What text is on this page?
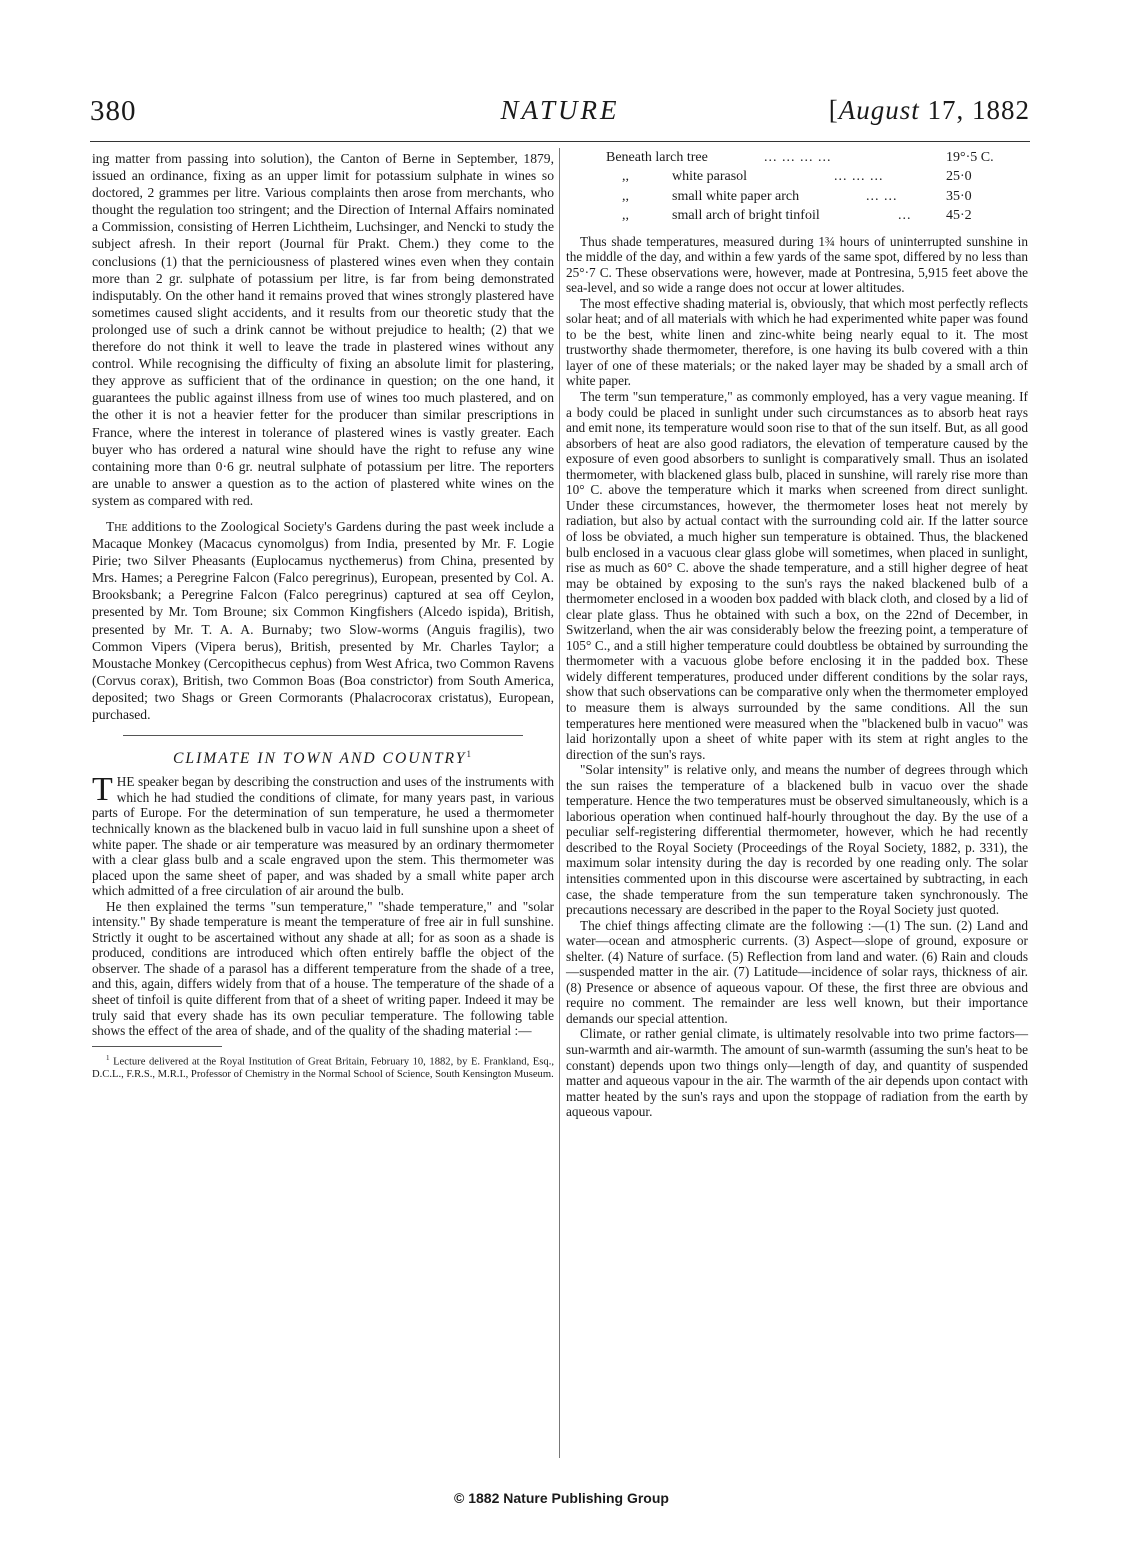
380	NATURE	[August 17, 1882

ing matter from passing into solution), the Canton of Berne in September, 1879, issued an ordinance, fixing as an upper limit for potassium sulphate in wines so doctored, 2 grammes per litre. Various complaints then arose from merchants, who thought the regulation too stringent; and the Direction of Internal Affairs nominated a Commission, consisting of Herren Lichtheim, Luchsinger, and Nencki to study the subject afresh. In their report (Journal für Prakt. Chem.) they come to the conclusions (1) that the perniciousness of plastered wines even when they contain more than 2 gr. sulphate of potassium per litre, is far from being demonstrated indisputably. On the other hand it remains proved that wines strongly plastered have sometimes caused slight accidents, and it results from our theoretic study that the prolonged use of such a drink cannot be without prejudice to health; (2) that we therefore do not think it well to leave the trade in plastered wines without any control. While recognising the difficulty of fixing an absolute limit for plastering, they approve as sufficient that of the ordinance in question; on the one hand, it guarantees the public against illness from use of wines too much plastered, and on the other it is not a heavier fetter for the producer than similar prescriptions in France, where the interest in tolerance of plastered wines is vastly greater. Each buyer who has ordered a natural wine should have the right to refuse any wine containing more than 0·6 gr. neutral sulphate of potassium per litre. The reporters are unable to answer a question as to the action of plastered white wines on the system as compared with red.

The additions to the Zoological Society's Gardens during the past week include a Macaque Monkey (Macacus cynomolgus) from India, presented by Mr. F. Logie Pirie; two Silver Pheasants (Euplocamus nycthemerus) from China, presented by Mrs. Hames; a Peregrine Falcon (Falco peregrinus), European, presented by Col. A. Brooksbank; a Peregrine Falcon (Falco peregrinus) captured at sea off Ceylon, presented by Mr. Tom Broune; six Common Kingfishers (Alcedo ispida), British, presented by Mr. T. A. A. Burnaby; two Slow-worms (Anguis fragilis), two Common Vipers (Vipera berus), British, presented by Mr. Charles Taylor; a Moustache Monkey (Cercopithecus cephus) from West Africa, two Common Ravens (Corvus corax), British, two Common Boas (Boa constrictor) from South America, deposited; two Shags or Green Cormorants (Phalacrocorax cristatus), European, purchased.

CLIMATE IN TOWN AND COUNTRY$^1$

THE speaker began by describing the construction and uses of the instruments with which he had studied the conditions of climate, for many years past, in various parts of Europe. For the determination of sun temperature, he used a thermometer technically known as the blackened bulb in vacuo laid in full sunshine upon a sheet of white paper. The shade or air temperature was measured by an ordinary thermometer with a clear glass bulb and a scale engraved upon the stem. This thermometer was placed upon the same sheet of paper, and was shaded by a small white paper arch which admitted of a free circulation of air around the bulb.

He then explained the terms "sun temperature," "shade temperature," and "solar intensity." By shade temperature is meant the temperature of free air in full sunshine. Strictly it ought to be ascertained without any shade at all; for as soon as a shade is produced, conditions are introduced which often entirely baffle the object of the observer. The shade of a parasol has a different temperature from the shade of a tree, and this, again, differs widely from that of a house. The temperature of the shade of a sheet of tinfoil is quite different from that of a sheet of writing paper. Indeed it may be truly said that every shade has its own peculiar temperature. The following table shows the effect of the area of shade, and of the quality of the shading material :—

$^1$ Lecture delivered at the Royal Institution of Great Britain, February 10, 1882, by E. Frankland, Esq., D.C.L., F.R.S., M.R.I., Professor of Chemistry in the Normal School of Science, South Kensington Museum.

Beneath larch tree	... ... ... ...	19°·5 C.
,,	white parasol	... ... ...	25·0
,,	small white paper arch	... ...	35·0
,,	small arch of bright tinfoil	... 45·2

Thus shade temperatures, measured during 1¾ hours of uninterrupted sunshine in the middle of the day, and within a few yards of the same spot, differed by no less than 25°·7 C. These observations were, however, made at Pontresina, 5,915 feet above the sea-level, and so wide a range does not occur at lower altitudes.

The most effective shading material is, obviously, that which most perfectly reflects solar heat; and of all materials with which he had experimented white paper was found to be the best, white linen and zinc-white being nearly equal to it. The most trustworthy shade thermometer, therefore, is one having its bulb covered with a thin layer of one of these materials; or the naked layer may be shaded by a small arch of white paper.

The term "sun temperature," as commonly employed, has a very vague meaning. If a body could be placed in sunlight under such circumstances as to absorb heat rays and emit none, its temperature would soon rise to that of the sun itself. But, as all good absorbers of heat are also good radiators, the elevation of temperature caused by the exposure of even good absorbers to sunlight is comparatively small. Thus an isolated thermometer, with blackened glass bulb, placed in sunshine, will rarely rise more than 10° C. above the temperature which it marks when screened from direct sunlight. Under these circumstances, however, the thermometer loses heat not merely by radiation, but also by actual contact with the surrounding cold air. If the latter source of loss be obviated, a much higher sun temperature is obtained. Thus, the blackened bulb enclosed in a vacuous clear glass globe will sometimes, when placed in sunlight, rise as much as 60° C. above the shade temperature, and a still higher degree of heat may be obtained by exposing to the sun's rays the naked blackened bulb of a thermometer enclosed in a wooden box padded with black cloth, and closed by a lid of clear plate glass. Thus he obtained with such a box, on the 22nd of December, in Switzerland, when the air was considerably below the freezing point, a temperature of 105° C., and a still higher temperature could doubtless be obtained by surrounding the thermometer with a vacuous globe before enclosing it in the padded box. These widely different temperatures, produced under different conditions by the solar rays, show that such observations can be comparative only when the thermometer employed to measure them is always surrounded by the same conditions. All the sun temperatures here mentioned were measured when the "blackened bulb in vacuo" was laid horizontally upon a sheet of white paper with its stem at right angles to the direction of the sun's rays.

"Solar intensity" is relative only, and means the number of degrees through which the sun raises the temperature of a blackened bulb in vacuo over the shade temperature. Hence the two temperatures must be observed simultaneously, which is a laborious operation when continued half-hourly throughout the day. By the use of a peculiar self-registering differential thermometer, however, which he had recently described to the Royal Society (Proceedings of the Royal Society, 1882, p. 331), the maximum solar intensity during the day is recorded by one reading only. The solar intensities commented upon in this discourse were ascertained by subtracting, in each case, the shade temperature from the sun temperature taken synchronously. The precautions necessary are described in the paper to the Royal Society just quoted.

The chief things affecting climate are the following :—(1) The sun. (2) Land and water—ocean and atmospheric currents. (3) Aspect—slope of ground, exposure or shelter. (4) Nature of surface. (5) Reflection from land and water. (6) Rain and clouds—suspended matter in the air. (7) Latitude—incidence of solar rays, thickness of air. (8) Presence or absence of aqueous vapour. Of these, the first three are obvious and require no comment. The remainder are less well known, but their importance demands our special attention.

Climate, or rather genial climate, is ultimately resolvable into two prime factors—sun-warmth and air-warmth. The amount of sun-warmth (assuming the sun's heat to be constant) depends upon two things only—length of day, and quantity of suspended matter and aqueous vapour in the air. The warmth of the air depends upon contact with matter heated by the sun's rays and upon the stoppage of radiation from the earth by aqueous vapour.

© 1882 Nature Publishing Group
